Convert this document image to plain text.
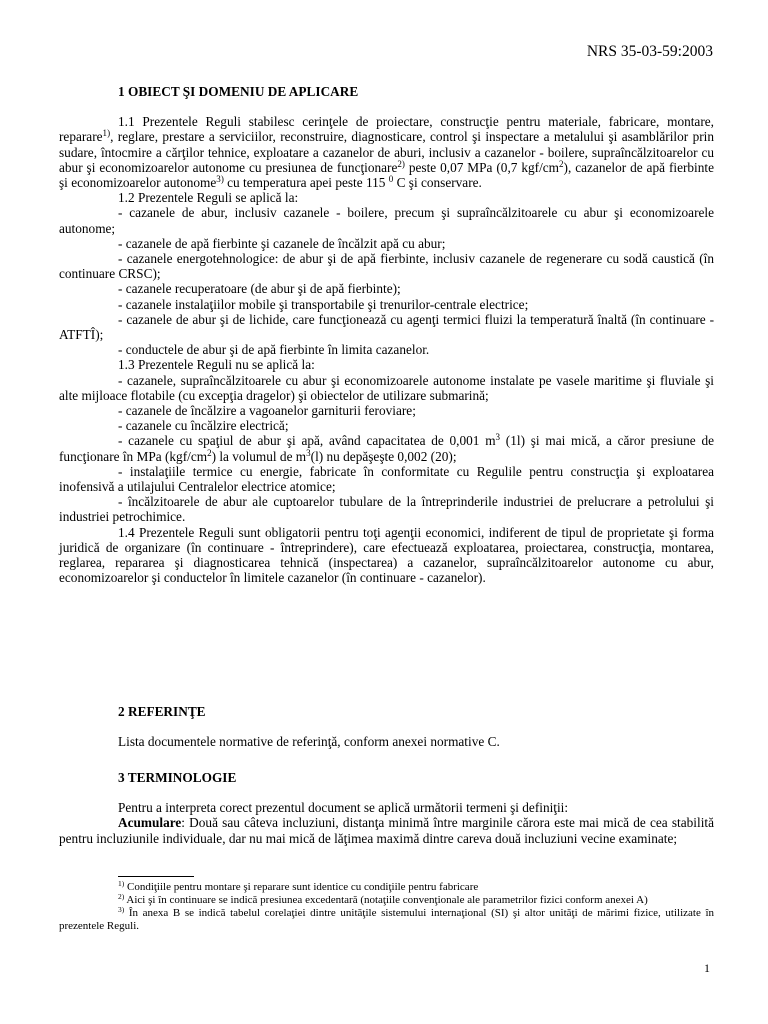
NRS 35-03-59:2003

1 OBIECT ŞI DOMENIU DE APLICARE

1.1 Prezentele Reguli stabilesc cerinţele de proiectare, construcţie pentru materiale, fabricare, montare, reparare$^{1)}$, reglare, prestare a serviciilor, reconstruire, diagnosticare, control şi inspectare a metalului şi asamblărilor prin sudare, întocmire a cărţilor tehnice, exploatare a cazanelor de aburi, inclusiv a cazanelor - boilere, supraîncălzitoarelor cu abur şi economizoarelor autonome cu presiunea de funcţionare$^{2)}$ peste 0,07 MPa (0,7 kgf/$cm^2$), cazanelor de apă fierbinte şi economizoarelor autonome$^{3)}$ cu temperatura apei peste 115 $^0$ C şi conservare.

1.2 Prezentele Reguli se aplică la:

- cazanele de abur, inclusiv cazanele - boilere, precum şi supraîncălzitoarele cu abur şi economizoarele autonome;

- cazanele de apă fierbinte şi cazanele de încălzit apă cu abur;

- cazanele energotehnologice: de abur şi de apă fierbinte, inclusiv cazanele de regenerare cu sodă caustică (în continuare CRSC);

- cazanele recuperatoare (de abur şi de apă fierbinte);

- cazanele instalaţiilor mobile şi transportabile şi trenurilor-centrale electrice;

- cazanele de abur şi de lichide, care funcţionează cu agenţi termici fluizi la temperatură înaltă (în continuare - ATFTÎ);

- conductele de abur şi de apă fierbinte în limita cazanelor.

1.3 Prezentele Reguli nu se aplică la:

- cazanele, supraîncălzitoarele cu abur şi economizoarele autonome instalate pe vasele maritime şi fluviale şi alte mijloace flotabile (cu excepţia dragelor) şi obiectelor de utilizare submarină;

- cazanele de încălzire a vagoanelor garniturii feroviare;

- cazanele cu încălzire electrică;

- cazanele cu spaţiul de abur şi apă, având capacitatea de 0,001 $m^3$ (1l) şi mai mică, a căror presiune de funcţionare în MPa $(kgf/cm^2)$ la volumul de $m^3(l)$ nu depăşeşte 0,002 (20);

- instalaţiile termice cu energie, fabricate în conformitate cu Regulile pentru construcţia şi exploatarea inofensivă a utilajului Centralelor electrice atomice;

- încălzitoarele de abur ale cuptoarelor tubulare de la întreprinderile industriei de prelucrare a petrolului şi industriei petrochimice.

1.4 Prezentele Reguli sunt obligatorii pentru toţi agenţii economici, indiferent de tipul de proprietate şi forma juridică de organizare (în continuare - întreprindere), care efectuează exploatarea, proiectarea, construcţia, montarea, reglarea, repararea şi diagnosticarea tehnică (inspectarea) a cazanelor, supraîncălzitoarelor autonome cu abur, economizoarelor şi conductelor în limitele cazanelor (în continuare - cazanelor).

2 REFERINŢE

Lista documentele normative de referinţă, conform anexei normative C.

3 TERMINOLOGIE

Pentru a interpreta corect prezentul document se aplică următorii termeni şi definiţii:

Acumulare: Două sau câteva incluziuni, distanţa minimă între marginile cărora este mai mică de cea stabilită pentru incluziunile individuale, dar nu mai mică de lăţimea maximă dintre careva două incluziuni vecine examinate;

$^{1)}$ Condiţiile pentru montare şi reparare sunt identice cu condiţiile pentru fabricare

$^{2)}$ Aici şi în continuare se indică presiunea excedentară (notaţiile convenţionale ale parametrilor fizici conform anexei A)

$^{3)}$ În anexa B se indică tabelul corelaţiei dintre unităţile sistemului internaţional (SI) şi altor unităţi de mărimi fizice, utilizate în prezentele Reguli.

1
